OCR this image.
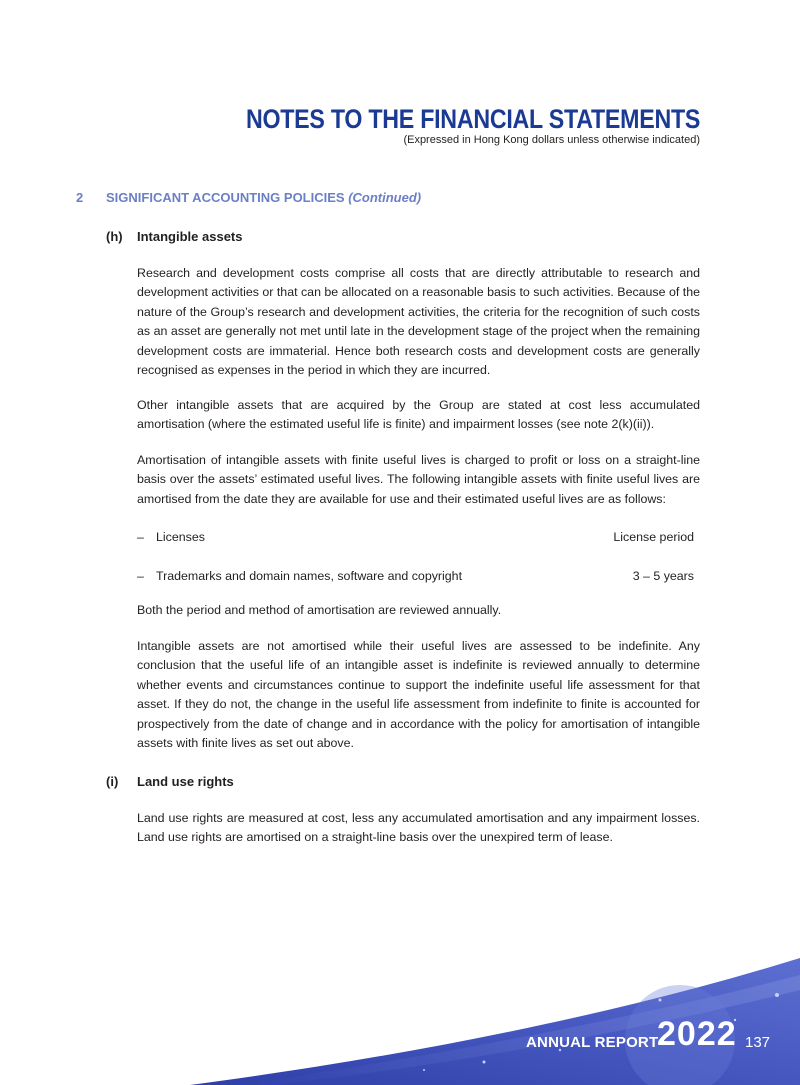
NOTES TO THE FINANCIAL STATEMENTS
(Expressed in Hong Kong dollars unless otherwise indicated)
2 SIGNIFICANT ACCOUNTING POLICIES (Continued)
(h) Intangible assets

Research and development costs comprise all costs that are directly attributable to research and development activities or that can be allocated on a reasonable basis to such activities. Because of the nature of the Group’s research and development activities, the criteria for the recognition of such costs as an asset are generally not met until late in the development stage of the project when the remaining development costs are immaterial. Hence both research costs and development costs are generally recognised as expenses in the period in which they are incurred.

Other intangible assets that are acquired by the Group are stated at cost less accumulated amortisation (where the estimated useful life is finite) and impairment losses (see note 2(k)(ii)).

Amortisation of intangible assets with finite useful lives is charged to profit or loss on a straight-line basis over the assets’ estimated useful lives. The following intangible assets with finite useful lives are amortised from the date they are available for use and their estimated useful lives are as follows:

– Licenses	License period
– Trademarks and domain names, software and copyright	3 – 5 years

Both the period and method of amortisation are reviewed annually.

Intangible assets are not amortised while their useful lives are assessed to be indefinite. Any conclusion that the useful life of an intangible asset is indefinite is reviewed annually to determine whether events and circumstances continue to support the indefinite useful life assessment for that asset. If they do not, the change in the useful life assessment from indefinite to finite is accounted for prospectively from the date of change and in accordance with the policy for amortisation of intangible assets with finite lives as set out above.

(i) Land use rights

Land use rights are measured at cost, less any accumulated amortisation and any impairment losses. Land use rights are amortised on a straight-line basis over the unexpired term of lease.

ANNUAL REPORT
2022 137
